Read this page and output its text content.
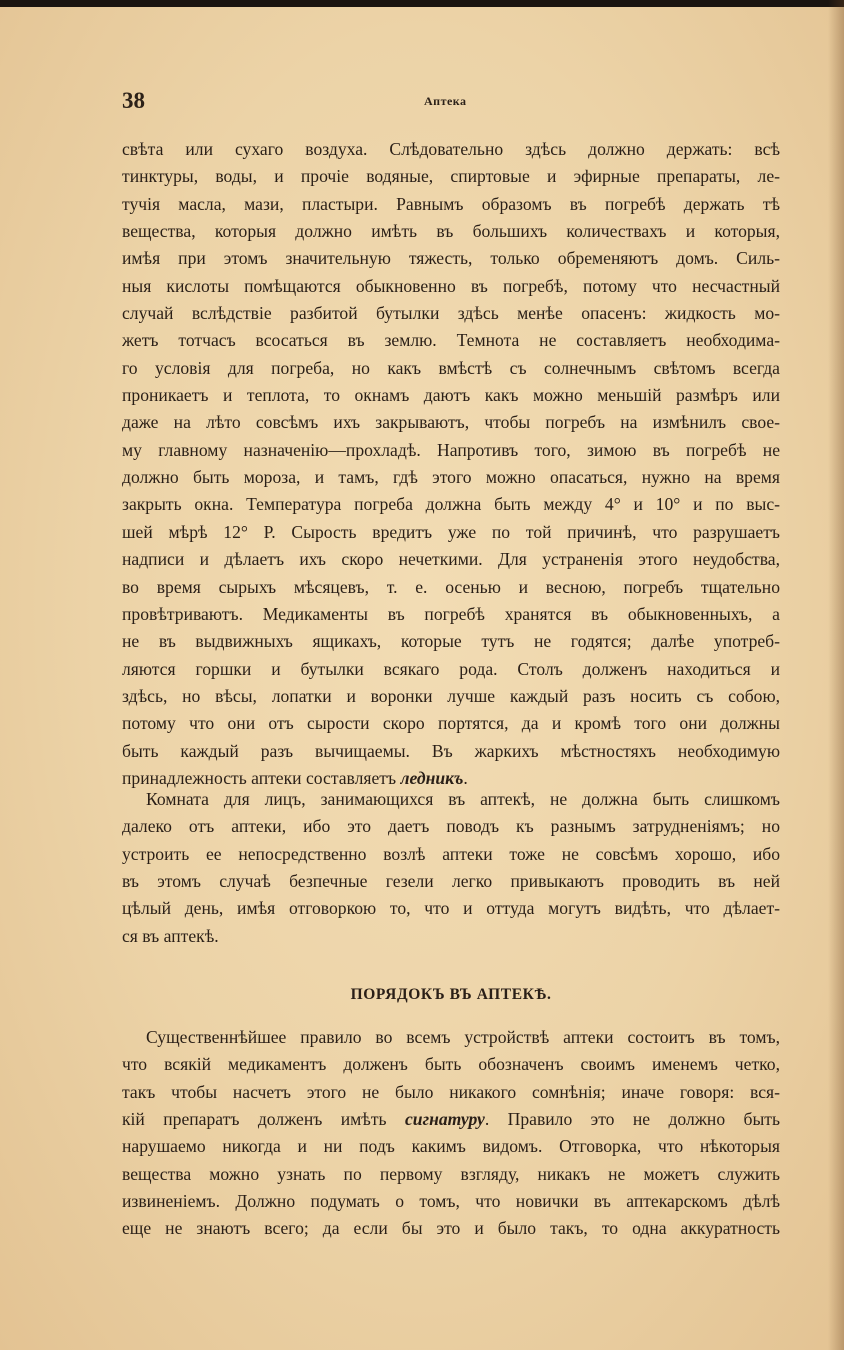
38	Аптека
свѣта или сухаго воздуха. Слѣдовательно здѣсь должно держать: всѣ
тинктуры, воды, и прочіе водяные, спиртовые и эфирные препараты, ле-
тучія масла, мази, пластыри. Равнымъ образомъ въ погребѣ держать тѣ
вещества, которыя должно имѣть въ большихъ количествахъ и которыя,
имѣя при этомъ значительную тяжесть, только обременяютъ домъ. Силь-
ныя кислоты помѣщаются обыкновенно въ погребѣ, потому что несчастный
случай вслѣдствіе разбитой бутылки здѣсь менѣе опасенъ: жидкость мо-
жетъ тотчасъ всосаться въ землю. Темнота не составляетъ необходима-
го условія для погреба, но какъ вмѣстѣ съ солнечнымъ свѣтомъ всегда
проникаетъ и теплота, то окнамъ даютъ какъ можно меньшій размѣръ или
даже на лѣто совсѣмъ ихъ закрываютъ, чтобы погребъ на измѣнилъ свое-
му главному назначенію—прохладѣ. Напротивъ того, зимою въ погребѣ не
должно быть мороза, и тамъ, гдѣ этого можно опасаться, нужно на время
закрыть окна. Температура погреба должна быть между 4° и 10° и по выс-
шей мѣрѣ 12° Р. Сырость вредитъ уже по той причинѣ, что разрушаетъ
надписи и дѣлаетъ ихъ скоро нечеткими. Для устраненія этого неудобства,
во время сырыхъ мѣсяцевъ, т. е. осенью и весною, погребъ тщательно
провѣтриваютъ. Медикаменты въ погребѣ хранятся въ обыкновенныхъ, а
не въ выдвижныхъ ящикахъ, которые тутъ не годятся; далѣе употреб-
ляются горшки и бутылки всякаго рода. Столъ долженъ находиться и
здѣсь, но вѣсы, лопатки и воронки лучше каждый разъ носить съ собою,
потому что они отъ сырости скоро портятся, да и кромѣ того они должны
быть каждый разъ вычищаемы. Въ жаркихъ мѣстностяхъ необходимую
принадлежность аптеки составляетъ ледникъ.
Комната для лицъ, занимающихся въ аптекѣ, не должна быть слишкомъ
далеко отъ аптеки, ибо это даетъ поводъ къ разнымъ затрудненіямъ; но
устроить ее непосредственно возлѣ аптеки тоже не совсѣмъ хорошо, ибо
въ этомъ случаѣ безпечные гезели легко привыкаютъ проводить въ ней
цѣлый день, имѣя отговоркою то, что и оттуда могутъ видѣть, что дѣлает-
ся въ аптекѣ.
ПОРЯДОКЪ ВЪ АПТЕКѢ.
Существеннѣйшее правило во всемъ устройствѣ аптеки состоитъ въ томъ,
что всякій медикаментъ долженъ быть обозначенъ своимъ именемъ четко,
такъ чтобы насчетъ этого не было никакого сомнѣнія; иначе говоря: вся-
кій препаратъ долженъ имѣть сигнатуру. Правило это не должно быть
нарушаемо никогда и ни подъ какимъ видомъ. Отговорка, что нѣкоторыя
вещества можно узнать по первому взгляду, никакъ не можетъ служить
извиненіемъ. Должно подумать о томъ, что новички въ аптекарскомъ дѣлѣ
еще не знаютъ всего; да если бы это и было такъ, то одна аккуратность
